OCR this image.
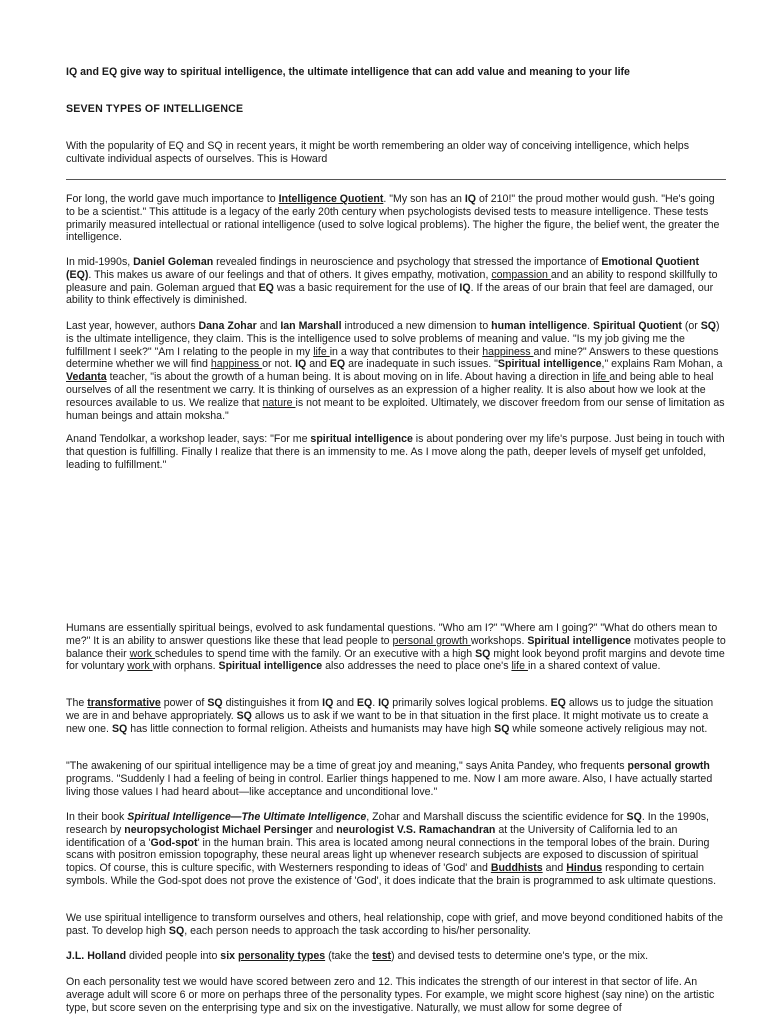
IQ and EQ give way to spiritual intelligence, the ultimate intelligence that can add value and meaning to your life

SEVEN TYPES OF INTELLIGENCE

With the popularity of EQ and SQ in recent years, it might be worth remembering an older way of conceiving intelligence, which helps cultivate individual aspects of ourselves. This is Howard

For long, the world gave much importance to Intelligence Quotient. "My son has an IQ of 210!" the proud mother would gush. "He's going to be a scientist." This attitude is a legacy of the early 20th century when psychologists devised tests to measure intelligence. These tests primarily measured intellectual or rational intelligence (used to solve logical problems). The higher the figure, the belief went, the greater the intelligence.

In mid-1990s, Daniel Goleman revealed findings in neuroscience and psychology that stressed the importance of Emotional Quotient (EQ). This makes us aware of our feelings and that of others. It gives empathy, motivation, compassion and an ability to respond skillfully to pleasure and pain. Goleman argued that EQ was a basic requirement for the use of IQ. If the areas of our brain that feel are damaged, our ability to think effectively is diminished.

Last year, however, authors Dana Zohar and Ian Marshall introduced a new dimension to human intelligence. Spiritual Quotient (or SQ) is the ultimate intelligence, they claim. This is the intelligence used to solve problems of meaning and value. "Is my job giving me the fulfillment I seek?" "Am I relating to the people in my life in a way that contributes to their happiness and mine?" Answers to these questions determine whether we will find happiness or not. IQ and EQ are inadequate in such issues. "Spiritual intelligence," explains Ram Mohan, a Vedanta teacher, "is about the growth of a human being. It is about moving on in life. About having a direction in life and being able to heal ourselves of all the resentment we carry. It is thinking of ourselves as an expression of a higher reality. It is also about how we look at the resources available to us. We realize that nature is not meant to be exploited. Ultimately, we discover freedom from our sense of limitation as human beings and attain moksha."

Anand Tendolkar, a workshop leader, says: "For me spiritual intelligence is about pondering over my life's purpose. Just being in touch with that question is fulfilling. Finally I realize that there is an immensity to me. As I move along the path, deeper levels of myself get unfolded, leading to fulfillment."

Humans are essentially spiritual beings, evolved to ask fundamental questions. "Who am I?" "Where am I going?" "What do others mean to me?" It is an ability to answer questions like these that lead people to personal growth workshops. Spiritual intelligence motivates people to balance their work schedules to spend time with the family. Or an executive with a high SQ might look beyond profit margins and devote time for voluntary work with orphans. Spiritual intelligence also addresses the need to place one's life in a shared context of value.

The transformative power of SQ distinguishes it from IQ and EQ. IQ primarily solves logical problems. EQ allows us to judge the situation we are in and behave appropriately. SQ allows us to ask if we want to be in that situation in the first place. It might motivate us to create a new one. SQ has little connection to formal religion. Atheists and humanists may have high SQ while someone actively religious may not.

"The awakening of our spiritual intelligence may be a time of great joy and meaning," says Anita Pandey, who frequents personal growth programs. "Suddenly I had a feeling of being in control. Earlier things happened to me. Now I am more aware. Also, I have actually started living those values I had heard about—like acceptance and unconditional love."

In their book Spiritual Intelligence—The Ultimate Intelligence, Zohar and Marshall discuss the scientific evidence for SQ. In the 1990s, research by neuropsychologist Michael Persinger and neurologist V.S. Ramachandran at the University of California led to an identification of a 'God-spot' in the human brain. This area is located among neural connections in the temporal lobes of the brain. During scans with positron emission topography, these neural areas light up whenever research subjects are exposed to discussion of spiritual topics. Of course, this is culture specific, with Westerners responding to ideas of 'God' and Buddhists and Hindus responding to certain symbols. While the God-spot does not prove the existence of 'God', it does indicate that the brain is programmed to ask ultimate questions.

We use spiritual intelligence to transform ourselves and others, heal relationship, cope with grief, and move beyond conditioned habits of the past. To develop high SQ, each person needs to approach the task according to his/her personality.

J.L. Holland divided people into six personality types (take the test) and devised tests to determine one's type, or the mix.

On each personality test we would have scored between zero and 12. This indicates the strength of our interest in that sector of life. An average adult will score 6 or more on perhaps three of the personality types. For example, we might score highest (say nine) on the artistic type, but score seven on the enterprising type and six on the investigative. Naturally, we must allow for some degree of
